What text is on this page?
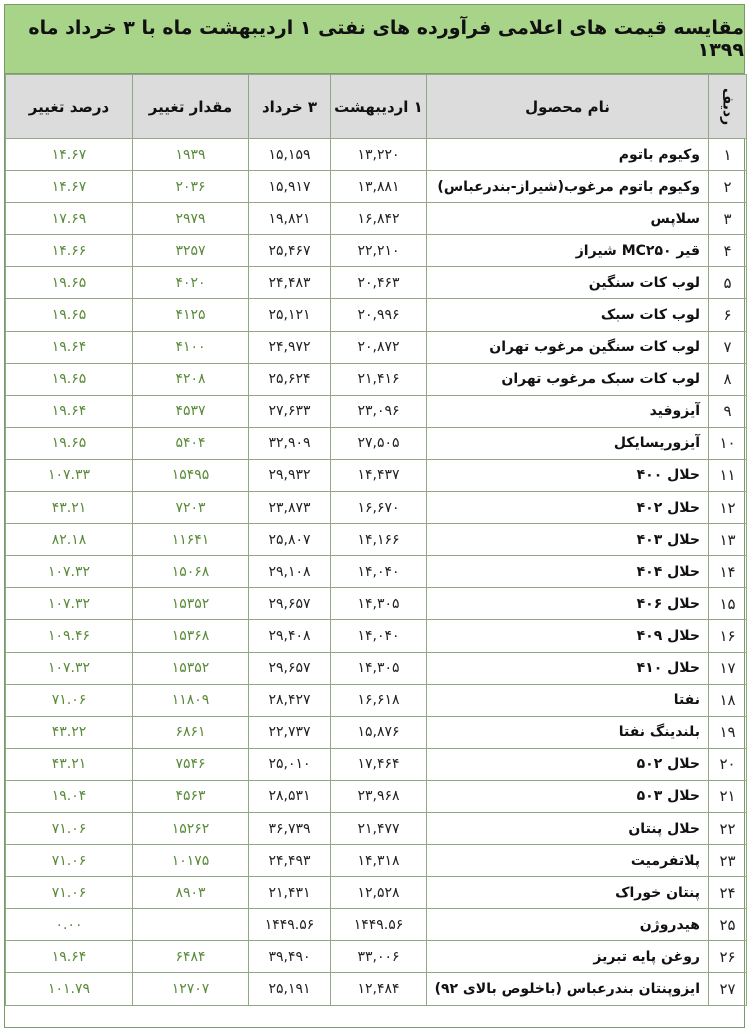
مقایسه قیمت های اعلامی فرآورده های نفتی ۱ اردیبهشت ماه با ۳ خرداد ماه ۱۳۹۹
ردیف	نام محصول	۱ اردیبهشت	۳ خرداد	مقدار تغییر	درصد تغییر
۱	وکیوم باتوم	۱۳,۲۲۰	۱۵,۱۵۹	۱۹۳۹	۱۴.۶۷
۲	وکیوم باتوم مرغوب(شیراز-بندرعباس)	۱۳,۸۸۱	۱۵,۹۱۷	۲۰۳۶	۱۴.۶۷
۳	سلاپس	۱۶,۸۴۲	۱۹,۸۲۱	۲۹۷۹	۱۷.۶۹
۴	قیر MC۲۵۰ شیراز	۲۲,۲۱۰	۲۵,۴۶۷	۳۲۵۷	۱۴.۶۶
۵	لوب کات سنگین	۲۰,۴۶۳	۲۴,۴۸۳	۴۰۲۰	۱۹.۶۵
۶	لوب کات سبک	۲۰,۹۹۶	۲۵,۱۲۱	۴۱۲۵	۱۹.۶۵
۷	لوب کات سنگین مرغوب تهران	۲۰,۸۷۲	۲۴,۹۷۲	۴۱۰۰	۱۹.۶۴
۸	لوب کات سبک مرغوب تهران	۲۱,۴۱۶	۲۵,۶۲۴	۴۲۰۸	۱۹.۶۵
۹	آیزوفید	۲۳,۰۹۶	۲۷,۶۳۳	۴۵۳۷	۱۹.۶۴
۱۰	آیزوریسایکل	۲۷,۵۰۵	۳۲,۹۰۹	۵۴۰۴	۱۹.۶۵
۱۱	حلال ۴۰۰	۱۴,۴۳۷	۲۹,۹۳۲	۱۵۴۹۵	۱۰۷.۳۳
۱۲	حلال ۴۰۲	۱۶,۶۷۰	۲۳,۸۷۳	۷۲۰۳	۴۳.۲۱
۱۳	حلال ۴۰۳	۱۴,۱۶۶	۲۵,۸۰۷	۱۱۶۴۱	۸۲.۱۸
۱۴	حلال ۴۰۴	۱۴,۰۴۰	۲۹,۱۰۸	۱۵۰۶۸	۱۰۷.۳۲
۱۵	حلال ۴۰۶	۱۴,۳۰۵	۲۹,۶۵۷	۱۵۳۵۲	۱۰۷.۳۲
۱۶	حلال ۴۰۹	۱۴,۰۴۰	۲۹,۴۰۸	۱۵۳۶۸	۱۰۹.۴۶
۱۷	حلال ۴۱۰	۱۴,۳۰۵	۲۹,۶۵۷	۱۵۳۵۲	۱۰۷.۳۲
۱۸	نفتا	۱۶,۶۱۸	۲۸,۴۲۷	۱۱۸۰۹	۷۱.۰۶
۱۹	بلندینگ نفتا	۱۵,۸۷۶	۲۲,۷۳۷	۶۸۶۱	۴۳.۲۲
۲۰	حلال ۵۰۲	۱۷,۴۶۴	۲۵,۰۱۰	۷۵۴۶	۴۳.۲۱
۲۱	حلال ۵۰۳	۲۳,۹۶۸	۲۸,۵۳۱	۴۵۶۳	۱۹.۰۴
۲۲	حلال پنتان	۲۱,۴۷۷	۳۶,۷۳۹	۱۵۲۶۲	۷۱.۰۶
۲۳	پلاتفرمیت	۱۴,۳۱۸	۲۴,۴۹۳	۱۰۱۷۵	۷۱.۰۶
۲۴	پنتان خوراک	۱۲,۵۲۸	۲۱,۴۳۱	۸۹۰۳	۷۱.۰۶
۲۵	هیدروژن	۱۴۴۹.۵۶	۱۴۴۹.۵۶		۰.۰۰
۲۶	روغن پایه تبریز	۳۳,۰۰۶	۳۹,۴۹۰	۶۴۸۴	۱۹.۶۴
۲۷	ایزوپنتان بندرعباس (باخلوص بالای ۹۲)	۱۲,۴۸۴	۲۵,۱۹۱	۱۲۷۰۷	۱۰۱.۷۹
